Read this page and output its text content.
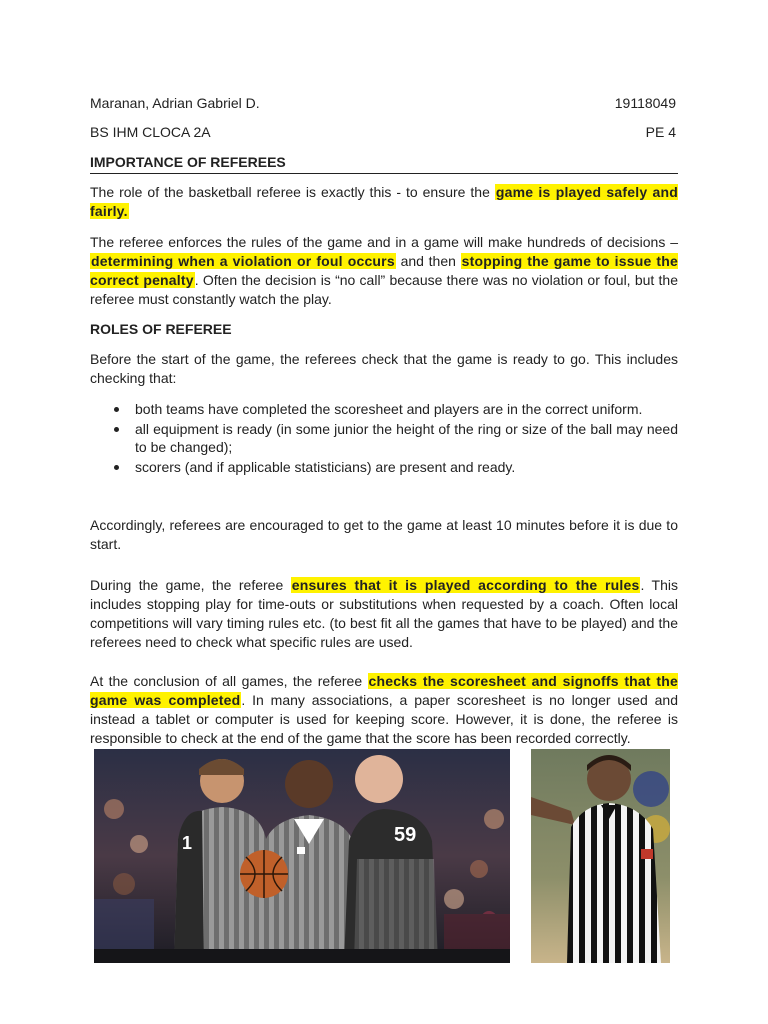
Maranan, Adrian Gabriel D.	19118049
BS IHM CLOCA 2A	PE 4
IMPORTANCE OF REFEREES

The role of the basketball referee is exactly this - to ensure the game is played safely and fairly.

The referee enforces the rules of the game and in a game will make hundreds of decisions – determining when a violation or foul occurs and then stopping the game to issue the correct penalty. Often the decision is “no call” because there was no violation or foul, but the referee must constantly watch the play.

ROLES OF REFEREE

Before the start of the game, the referees check that the game is ready to go. This includes checking that:

both teams have completed the scoresheet and players are in the correct uniform.
all equipment is ready (in some junior the height of the ring or size of the ball may need to be changed);
scorers (and if applicable statisticians) are present and ready.

Accordingly, referees are encouraged to get to the game at least 10 minutes before it is due to start.

During the game, the referee ensures that it is played according to the rules. This includes stopping play for time-outs or substitutions when requested by a coach. Often local competitions will vary timing rules etc. (to best fit all the games that have to be played) and the referees need to check what specific rules are used.

At the conclusion of all games, the referee checks the scoresheet and signoffs that the game was completed. In many associations, a paper scoresheet is no longer used and instead a tablet or computer is used for keeping score. However, it is done, the referee is responsible to check at the end of the game that the score has been recorded correctly.

1	59
